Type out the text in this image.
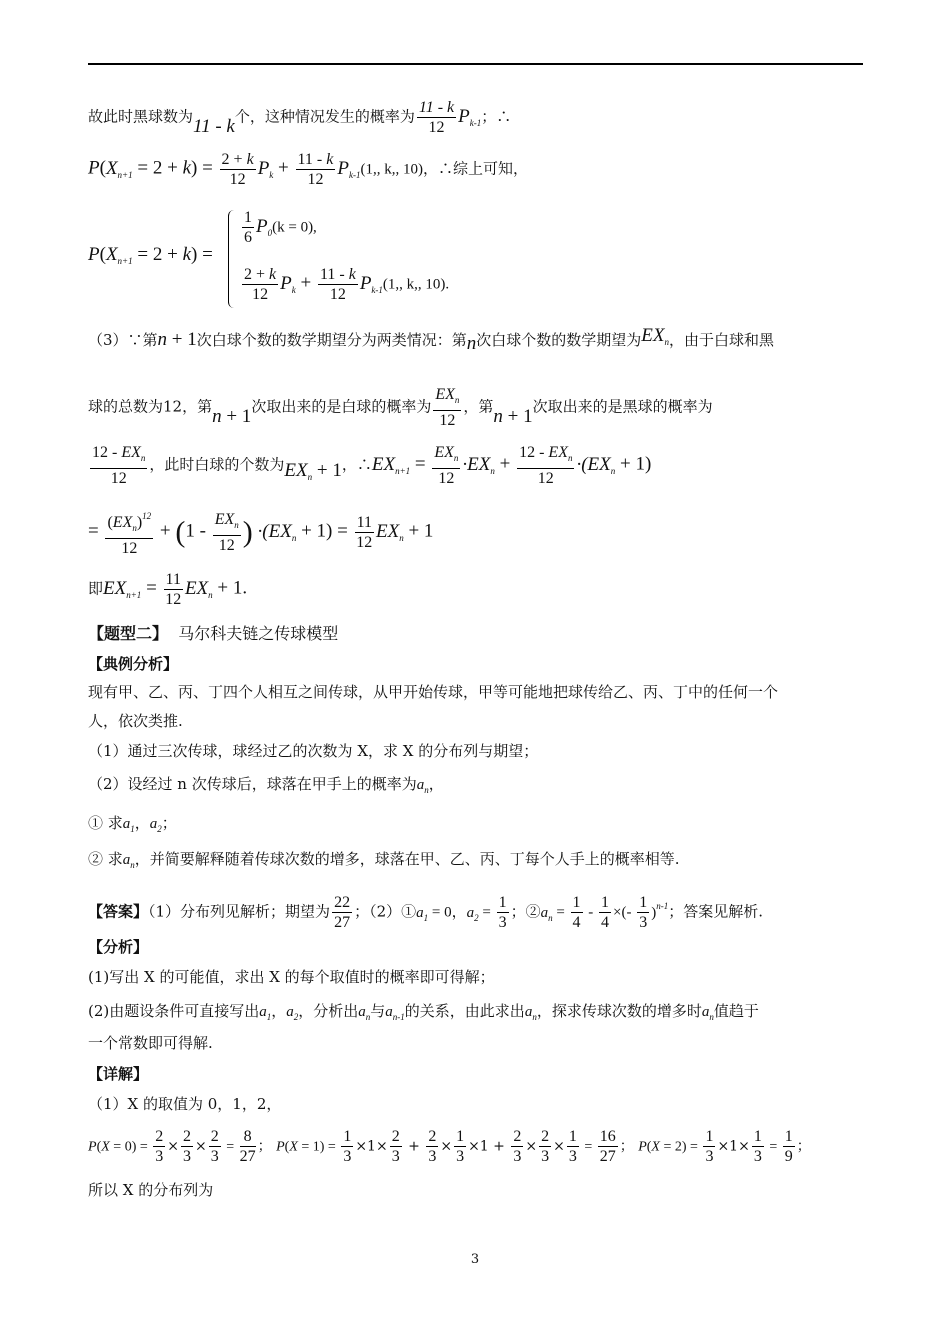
故此时黑球数为11 - k个，这种情况发生的概率为 $\frac{11 - k}{12} P_{k-1}$；∴
$P(X_{n+1} = 2 + k) = \frac{2 + k}{12} P_k + \frac{11 - k}{12} P_{k-1}(1$,, k,, 10)，∴综上可知，
$P(X_{n+1} = 2 + k)$ =
$\frac{1}{6} P_0(k = 0)$,
$\frac{2 + k}{12} P_k + \frac{11 - k}{12} P_{k-1}(1$,, k,, 10).
（3）∵第n + 1次白球个数的数学期望分为两类情况：第n次白球个数的数学期望为$EX_n$，由于白球和黑
球的总数为12，第n + 1次取出来的是白球的概率为 $\frac{EX_n}{12}$ ，第n + 1次取出来的是黑球的概率为
$\frac{12 - EX_n}{12}$ ，此时白球的个数为$EX_n + 1$，$\therefore EX_{n+1} = \frac{EX_n}{12} \cdot EX_n + \frac{12 - EX_n}{12} \cdot(EX_n + 1)$
= $\frac{(EX_n)^{12}}{12} + (1 - \frac{EX_n}{12}$ ) $\cdot(EX_n + 1) = \frac{11}{12} EX_n + 1$
即$EX_{n+1} = \frac{11}{12} EX_n + 1$.
【题型二】 马尔科夫链之传球模型
【典例分析】
现有甲、乙、丙、丁四个人相互之间传球，从甲开始传球，甲等可能地把球传给乙、丙、丁中的任何一个
人，依次类推.
（1）通过三次传球，球经过乙的次数为 X，求 X 的分布列与期望；
（2）设经过 n 次传球后，球落在甲手上的概率为$a_n$，
① 求$a_1$，$a_2$；
② 求$a_n$，并简要解释随着传球次数的增多，球落在甲、乙、丙、丁每个人手上的概率相等.
【答案】（1）分布列见解析；期望为 $\frac{22}{27}$ ；$(2)①a_1 = 0$，$a_2 = \frac{1}{3}$ ；$②a_n = \frac{1}{4} - \frac{1}{4}$ ×(- $\frac{1}{3} )^{n-1}$；答案见解析.
【分析】
(1)写出 X 的可能值，求出 X 的每个取值时的概率即可得解；
(2)由题设条件可直接写出$a_1$，$a_2$，分析出$a_n$与$a_{n-1}$的关系，由此求出$a_n$，探求传球次数的增多时$a_n$值趋于
一个常数即可得解.
【详解】
（1）X 的取值为 0，1，2，
$P(X = 0) = \frac{2}{3} \times \frac{2}{3} \times \frac{2}{3} = \frac{8}{27}$ ； $P(X = 1) = \frac{1}{3} \times 1\times \frac{2}{3} + \frac{2}{3} \times \frac{1}{3} \times 1 + \frac{2}{3} \times \frac{2}{3} \times \frac{1}{3} = \frac{16}{27}$ ； $P(X = 2) = \frac{1}{3} \times 1\times \frac{1}{3} = \frac{1}{9}$ ；
所以 X 的分布列为
3
